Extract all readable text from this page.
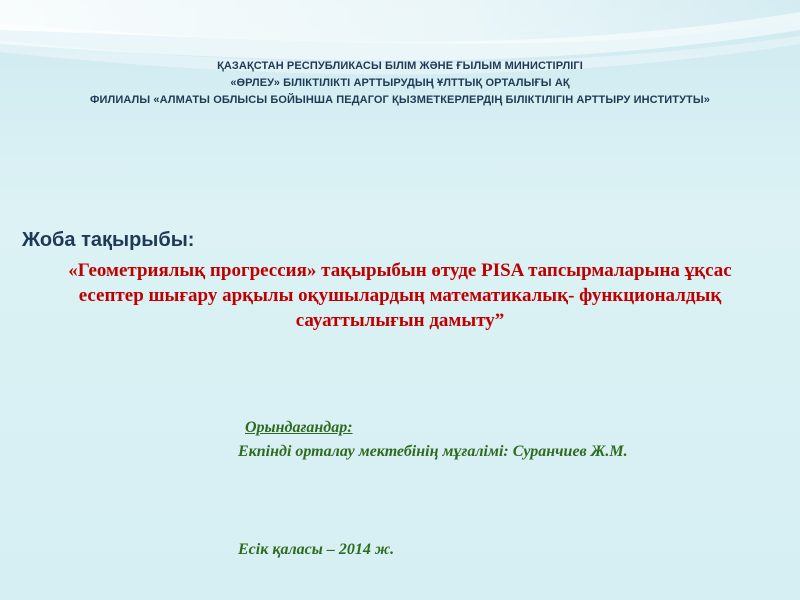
ҚАЗАҚСТАН РЕСПУБЛИКАСЫ БІЛІМ ЖӘНЕ ҒЫЛЫМ МИНИСТІРЛІГІ
«ӨРЛЕУ» БІЛІКТІЛІКТІ АРТТЫРУДЫҢ ҰЛТТЫҚ ОРТАЛЫҒЫ АҚ
ФИЛИАЛЫ «АЛМАТЫ ОБЛЫСЫ БОЙЫНША ПЕДАГОГ ҚЫЗМЕТКЕРЛЕРДІҢ БІЛІКТІЛІГІН АРТТЫРУ ИНСТИТУТЫ»
Жоба тақырыбы:
«Геометриялық прогрессия» тақырыбын өтуде PISA тапсырмаларына ұқсас
есептер шығару арқылы оқушылардың математикалық- функционалдық
сауаттылығын дамыту”
Орындағандар:
Екпінді орталау мектебінің мұғалімі: Суранчиев Ж.М.
Есік қаласы – 2014 ж.
